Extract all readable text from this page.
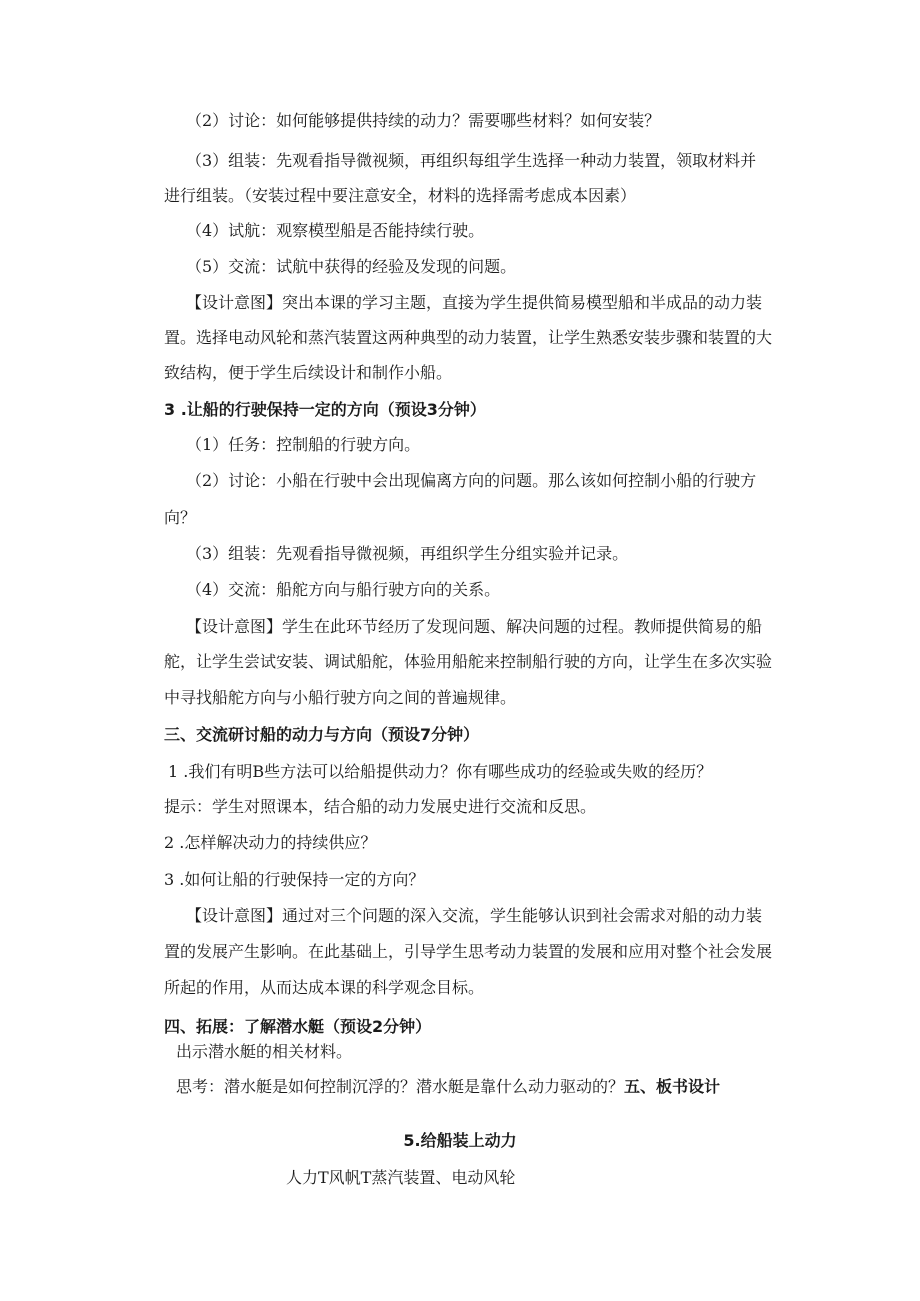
（2）讨论：如何能够提供持续的动力？需要哪些材料？如何安装？
（3）组装：先观看指导微视频，再组织每组学生选择一种动力装置，领取材料并
进行组装。（安装过程中要注意安全，材料的选择需考虑成本因素）
（4）试航：观察模型船是否能持续行驶。
（5）交流：试航中获得的经验及发现的问题。
【设计意图】突出本课的学习主题，直接为学生提供简易模型船和半成品的动力装
置。选择电动风轮和蒸汽装置这两种典型的动力装置，让学生熟悉安装步骤和装置的大
致结构，便于学生后续设计和制作小船。
3 .让船的行驶保持一定的方向（预设3分钟）
（1）任务：控制船的行驶方向。
（2）讨论：小船在行驶中会出现偏离方向的问题。那么该如何控制小船的行驶方
向？
（3）组装：先观看指导微视频，再组织学生分组实验并记录。
（4）交流：船舵方向与船行驶方向的关系。
【设计意图】学生在此环节经历了发现问题、解决问题的过程。教师提供简易的船
舵，让学生尝试安装、调试船舵，体验用船舵来控制船行驶的方向，让学生在多次实验
中寻找船舵方向与小船行驶方向之间的普遍规律。
三、交流研讨船的动力与方向（预设7分钟）
1 .我们有明B些方法可以给船提供动力？你有哪些成功的经验或失败的经历？
提示：学生对照课本，结合船的动力发展史进行交流和反思。
2 .怎样解决动力的持续供应？
3 .如何让船的行驶保持一定的方向？
【设计意图】通过对三个问题的深入交流，学生能够认识到社会需求对船的动力装
置的发展产生影响。在此基础上，引导学生思考动力装置的发展和应用对整个社会发展
所起的作用，从而达成本课的科学观念目标。
四、拓展：了解潜水艇（预设2分钟）
出示潜水艇的相关材料。
思考：潜水艇是如何控制沉浮的？潜水艇是靠什么动力驱动的？五、板书设计
5.给船装上动力
人力T风帆T蒸汽装置、电动风轮
